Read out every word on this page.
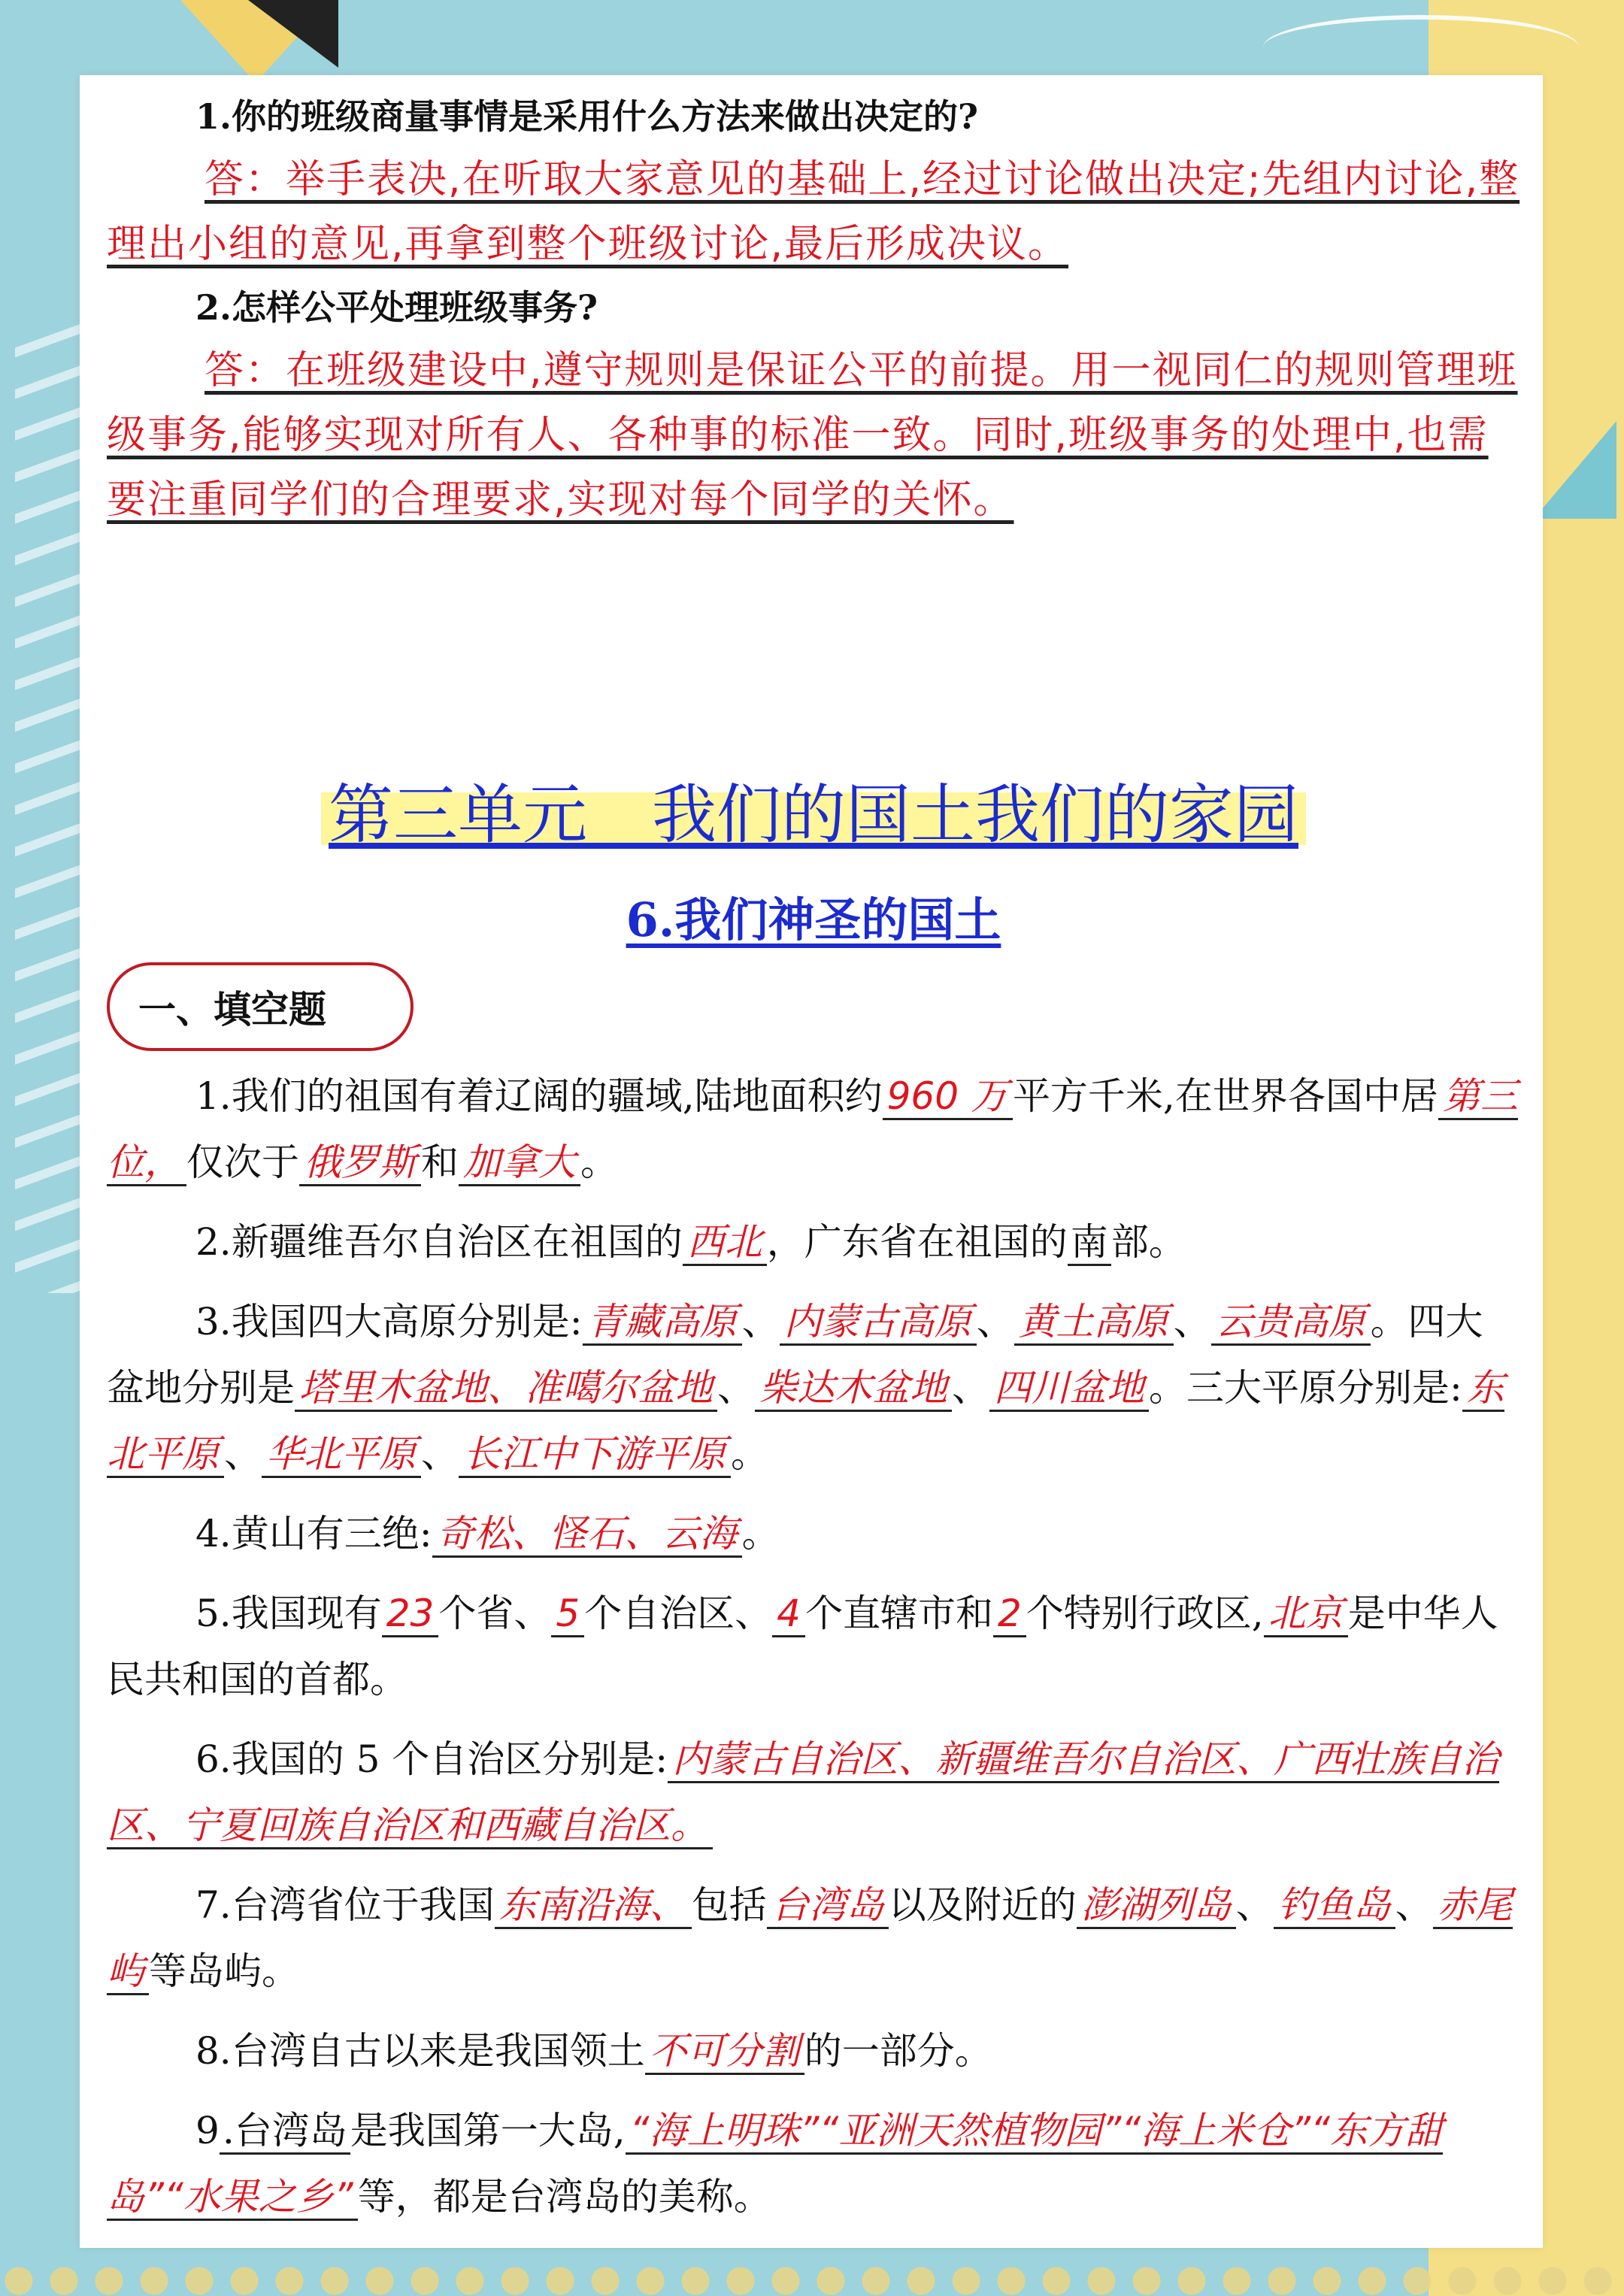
1.你的班级商量事情是采用什么方法来做出决定的?

答：举手表决,在听取大家意见的基础上,经过讨论做出决定;先组内讨论,整理出小组的意见,再拿到整个班级讨论,最后形成决议。

2.怎样公平处理班级事务?

答：在班级建设中,遵守规则是保证公平的前提。用一视同仁的规则管理班级事务,能够实现对所有人、各种事的标准一致。同时,班级事务的处理中,也需要注重同学们的合理要求,实现对每个同学的关怀。

第三单元　我们的国土我们的家园
6.我们神圣的国土
一、填空题

1.我们的祖国有着辽阔的疆域,陆地面积约 960 万 平方千米,在世界各国中居 第三位， 仅次于 俄罗斯 和 加拿大 。

2.新疆维吾尔自治区在祖国的 西北 ，广东省在祖国的南部。

3.我国四大高原分别是: 青藏高原 、 内蒙古高原 、 黄土高原 、 云贵高原 。四大盆地分别是 塔里木盆地、准噶尔盆地 、 柴达木盆地 、 四川盆地 。三大平原分别是: 东北平原 、 华北平原 、 长江中下游平原 。

4.黄山有三绝: 奇松、怪石、云海 。

5.我国现有 23 个省、 5 个自治区、 4 个直辖市和 2 个特别行政区, 北京 是中华人民共和国的首都。

6.我国的 5 个自治区分别是: 内蒙古自治区、新疆维吾尔自治区、广西壮族自治区、宁夏回族自治区和西藏自治区。

7.台湾省位于我国 东南沿海、 包括 台湾岛 以及附近的 澎湖列岛 、 钓鱼岛 、 赤尾屿 等岛屿。

8.台湾自古以来是我国领土 不可分割 的一部分。

9.台湾岛是我国第一大岛, “海上明珠”“亚洲天然植物园”“海上米仓”“东方甜岛”“水果之乡” 等，都是台湾岛的美称。
